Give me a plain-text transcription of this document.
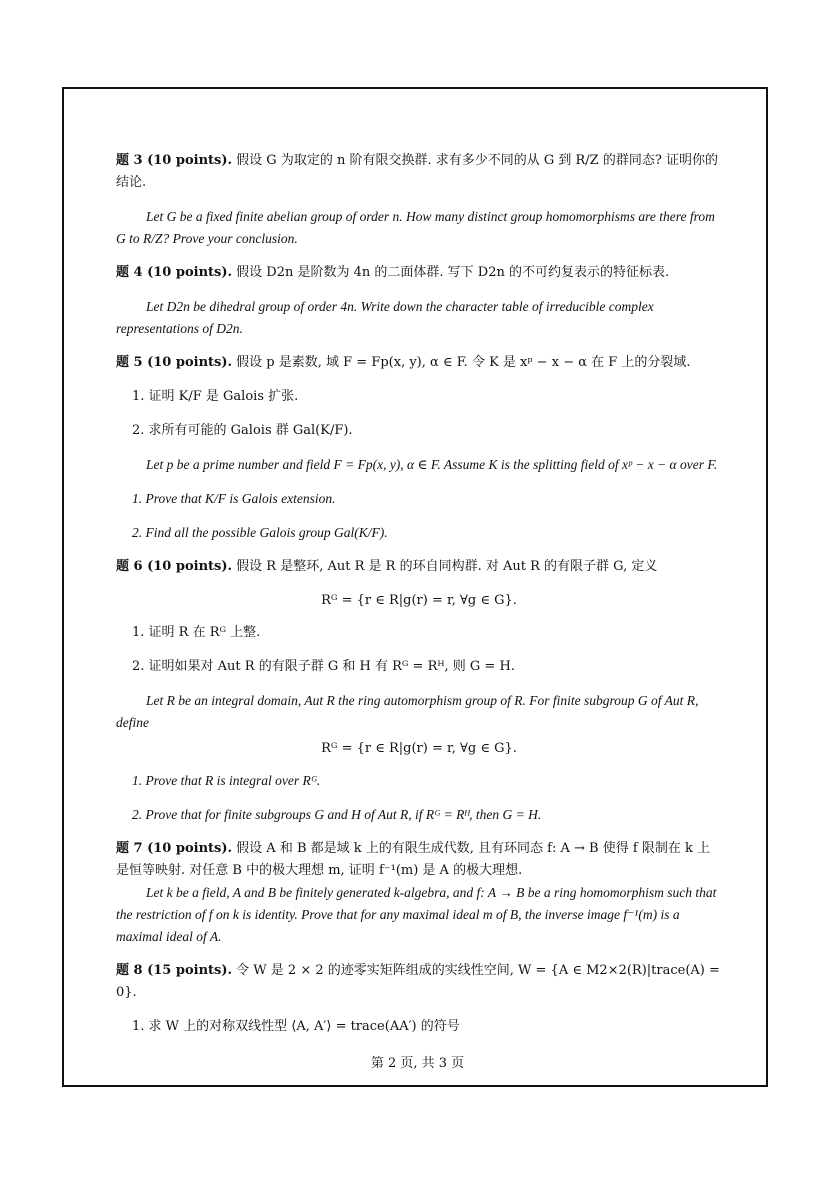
题 3 (10 points). 假设 G 为取定的 n 阶有限交换群. 求有多少不同的从 G 到 R/Z 的群同态? 证明你的结论.

Let G be a fixed finite abelian group of order n. How many distinct group homomorphisms are there from G to R/Z? Prove your conclusion.

题 4 (10 points). 假设 D2n 是阶数为 4n 的二面体群. 写下 D2n 的不可约复表示的特征标表.

Let D2n be dihedral group of order 4n. Write down the character table of irreducible complex representations of D2n.

题 5 (10 points). 假设 p 是素数, 域 F = Fp(x, y), α ∈ F. 令 K 是 xᵖ − x − α 在 F 上的分裂域.

1. 证明 K/F 是 Galois 扩张.
2. 求所有可能的 Galois 群 Gal(K/F).

Let p be a prime number and field F = Fp(x, y), α ∈ F. Assume K is the splitting field of xᵖ − x − α over F.

1. Prove that K/F is Galois extension.
2. Find all the possible Galois group Gal(K/F).

题 6 (10 points). 假设 R 是整环, Aut R 是 R 的环自同构群. 对 Aut R 的有限子群 G, 定义

Rᴳ = {r ∈ R|g(r) = r, ∀g ∈ G}.

1. 证明 R 在 Rᴳ 上整.
2. 证明如果对 Aut R 的有限子群 G 和 H 有 Rᴳ = Rᴴ, 则 G = H.

Let R be an integral domain, Aut R the ring automorphism group of R. For finite subgroup G of Aut R, define

Rᴳ = {r ∈ R|g(r) = r, ∀g ∈ G}.

1. Prove that R is integral over Rᴳ.
2. Prove that for finite subgroups G and H of Aut R, if Rᴳ = Rᴴ, then G = H.

题 7 (10 points). 假设 A 和 B 都是域 k 上的有限生成代数, 且有环同态 f: A → B 使得 f 限制在 k 上是恒等映射. 对任意 B 中的极大理想 m, 证明 f⁻¹(m) 是 A 的极大理想.

Let k be a field, A and B be finitely generated k-algebra, and f: A → B be a ring homomorphism such that the restriction of f on k is identity. Prove that for any maximal ideal m of B, the inverse image f⁻¹(m) is a maximal ideal of A.

题 8 (15 points). 令 W 是 2 × 2 的迹零实矩阵组成的实线性空间, W = {A ∈ M2×2(R)|trace(A) = 0}.

1. 求 W 上的对称双线性型 ⟨A, A′⟩ = trace(AA′) 的符号
第 2 页, 共 3 页
